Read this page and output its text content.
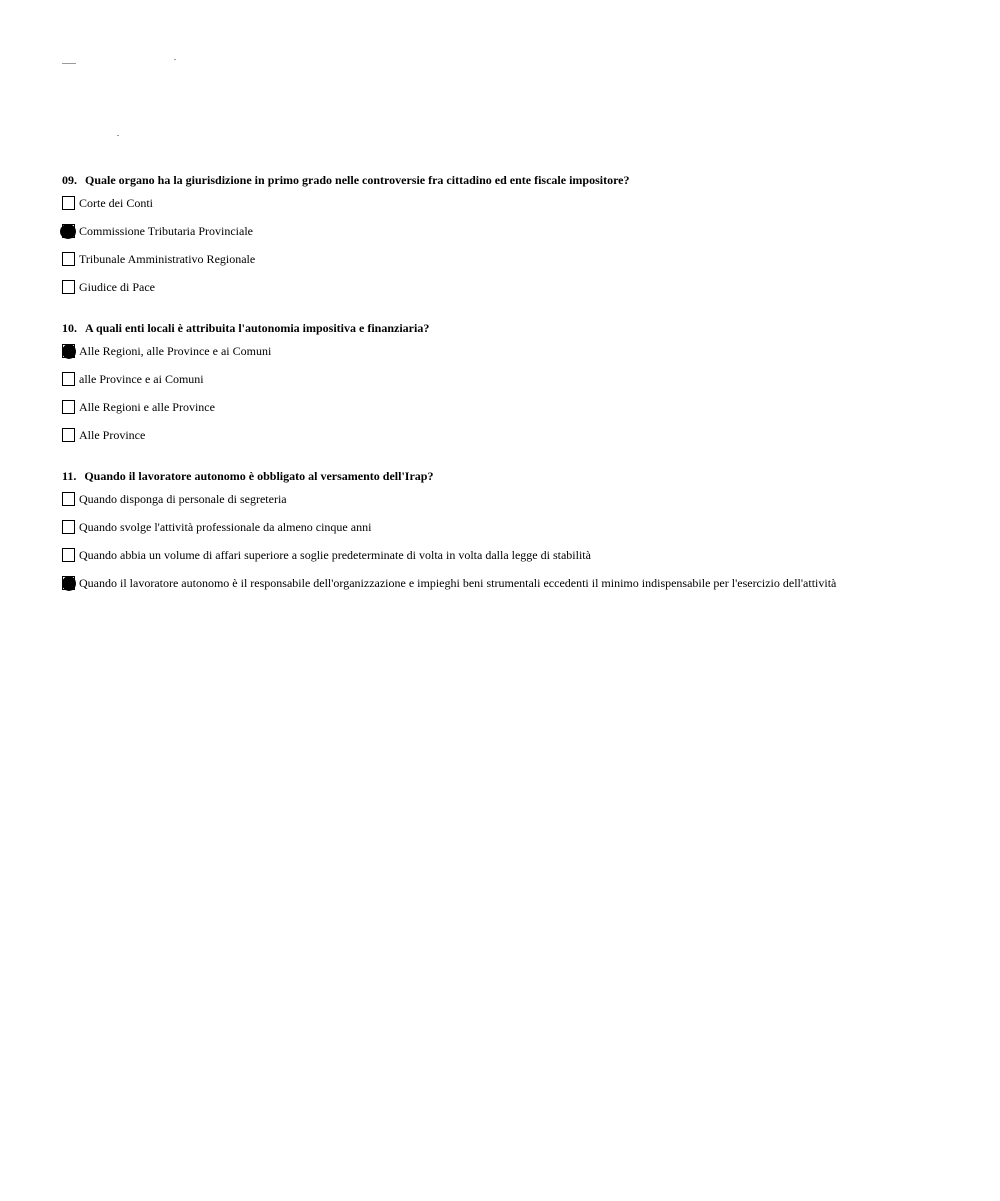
09. Quale organo ha la giurisdizione in primo grado nelle controversie fra cittadino ed ente fiscale impositore?
Corte dei Conti
Commissione Tributaria Provinciale
Tribunale Amministrativo Regionale
Giudice di Pace
10. A quali enti locali è attribuita l'autonomia impositiva e finanziaria?
Alle Regioni, alle Province e ai Comuni
alle Province e ai Comuni
Alle Regioni e alle Province
Alle Province
11. Quando il lavoratore autonomo è obbligato al versamento dell'Irap?
Quando disponga di personale di segreteria
Quando svolge l'attività professionale da almeno cinque anni
Quando abbia un volume di affari superiore a soglie predeterminate di volta in volta dalla legge di stabilità
Quando il lavoratore autonomo è il responsabile dell'organizzazione e impieghi beni strumentali eccedenti il minimo indispensabile per l'esercizio dell'attività
